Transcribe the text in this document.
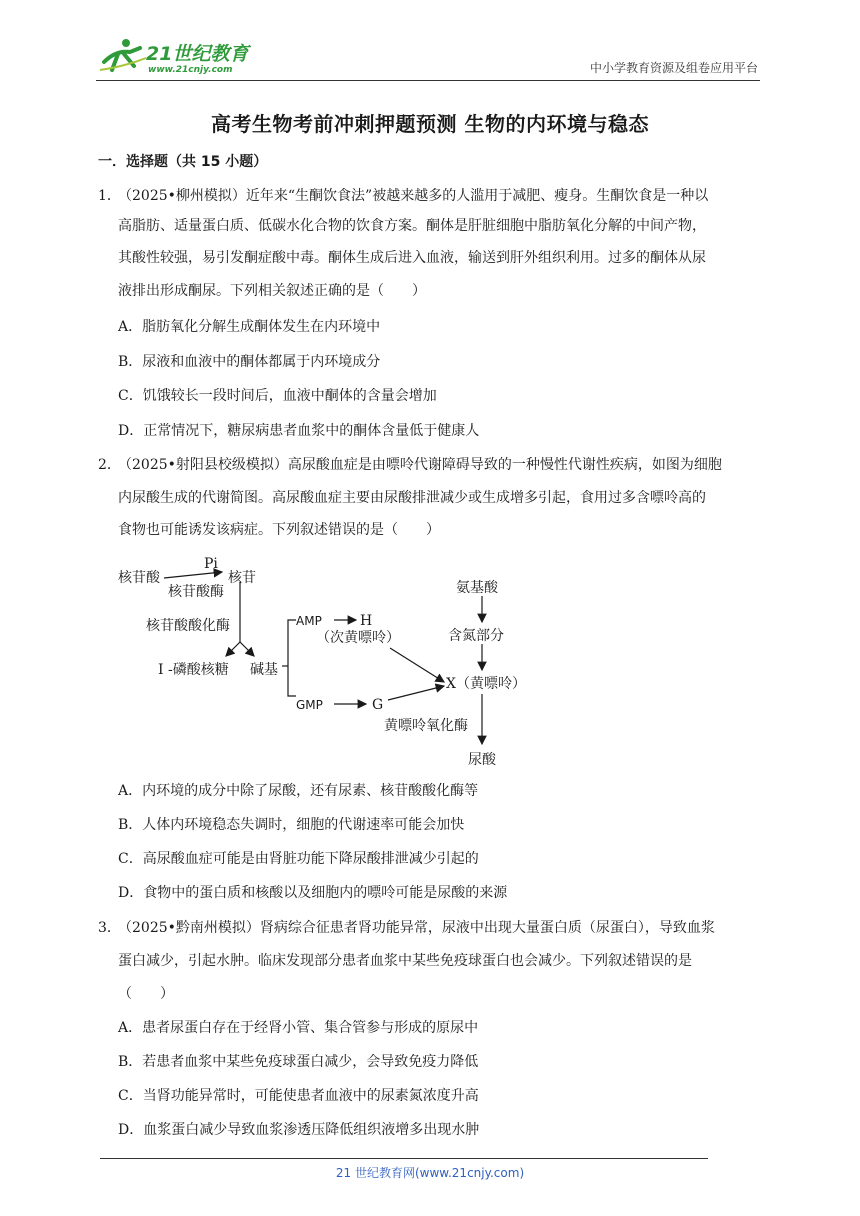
21世纪教育
www.21cnjy.com	中小学教育资源及组卷应用平台
高考生物考前冲刺押题预测 生物的内环境与稳态
一．选择题（共 15 小题）
1．
（2025•柳州模拟）近年来“生酮饮食法”被越来越多的人滥用于减肥、瘦身。生酮饮食是一种以
高脂肪、适量蛋白质、低碳水化合物的饮食方案。酮体是肝脏细胞中脂肪氧化分解的中间产物，
其酸性较强，易引发酮症酸中毒。酮体生成后进入血液，输送到肝外组织利用。过多的酮体从尿
液排出形成酮尿。下列相关叙述正确的是（　　）
A．脂肪氧化分解生成酮体发生在内环境中
B．尿液和血液中的酮体都属于内环境成分
C．饥饿较长一段时间后，血液中酮体的含量会增加
D．正常情况下，糖尿病患者血浆中的酮体含量低于健康人
2．
（2025•射阳县校级模拟）高尿酸血症是由嘌呤代谢障碍导致的一种慢性代谢性疾病，如图为细胞
内尿酸生成的代谢简图。高尿酸血症主要由尿酸排泄减少或生成增多引起，食用过多含嘌呤高的
食物也可能诱发该病症。下列叙述错误的是（　　）
核苷酸
Pi
核苷酸酶
核苷
核苷酸酸化酶
I -磷酸核糖 碱基
AMP	H
（次黄嘌呤）
GMP	G
氨基酸
含氮部分
X（黄嘌呤）
黄嘌呤氧化酶
尿酸
A．内环境的成分中除了尿酸，还有尿素、核苷酸酸化酶等
B．人体内环境稳态失调时，细胞的代谢速率可能会加快
C．高尿酸血症可能是由肾脏功能下降尿酸排泄减少引起的
D．食物中的蛋白质和核酸以及细胞内的嘌呤可能是尿酸的来源
3．
（2025•黔南州模拟）肾病综合征患者肾功能异常，尿液中出现大量蛋白质（尿蛋白），导致血浆
蛋白减少，引起水肿。临床发现部分患者血浆中某些免疫球蛋白也会减少。下列叙述错误的是
（　　）
A．患者尿蛋白存在于经肾小管、集合管参与形成的原尿中
B．若患者血浆中某些免疫球蛋白减少，会导致免疫力降低
C．当肾功能异常时，可能使患者血液中的尿素氮浓度升高
D．血浆蛋白减少导致血浆渗透压降低组织液增多出现水肿
21 世纪教育网(www.21cnjy.com)
